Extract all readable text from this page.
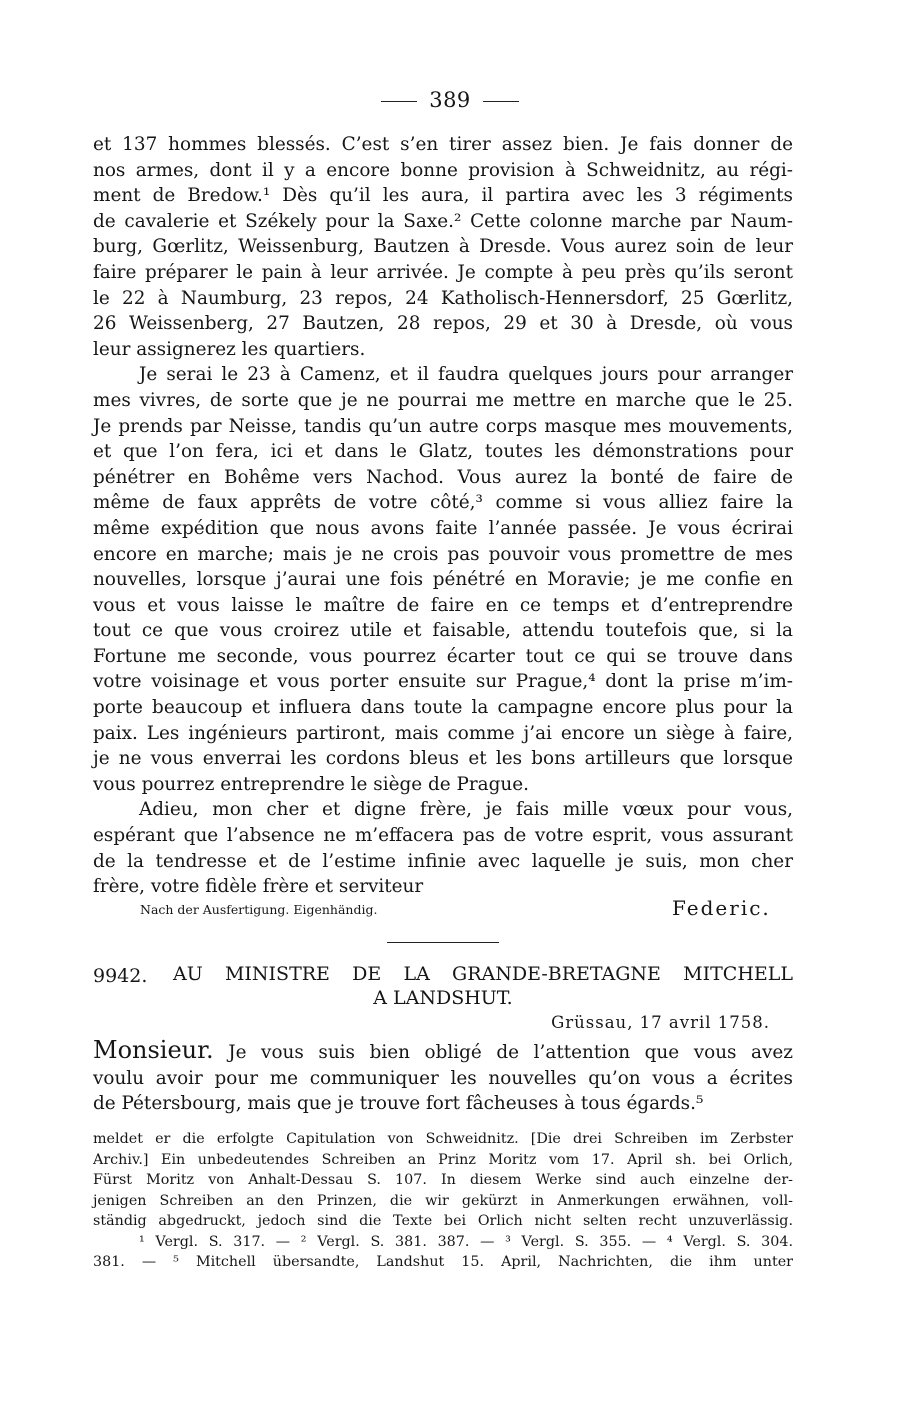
389

et 137 hommes blessés. C’est s’en tirer assez bien. Je fais donner de
nos armes, dont il y a encore bonne provision à Schweidnitz, au régi-
ment de Bredow.¹ Dès qu’il les aura, il partira avec les 3 régiments
de cavalerie et Székely pour la Saxe.² Cette colonne marche par Naum-
burg, Gœrlitz, Weissenburg, Bautzen à Dresde. Vous aurez soin de leur
faire préparer le pain à leur arrivée. Je compte à peu près qu’ils seront
le 22 à Naumburg, 23 repos, 24 Katholisch-Hennersdorf, 25 Gœrlitz,
26 Weissenberg, 27 Bautzen, 28 repos, 29 et 30 à Dresde, où vous
leur assignerez les quartiers.

Je serai le 23 à Camenz, et il faudra quelques jours pour arranger
mes vivres, de sorte que je ne pourrai me mettre en marche que le 25.
Je prends par Neisse, tandis qu’un autre corps masque mes mouvements,
et que l’on fera, ici et dans le Glatz, toutes les démonstrations pour
pénétrer en Bohême vers Nachod. Vous aurez la bonté de faire de
même de faux apprêts de votre côté,³ comme si vous alliez faire la
même expédition que nous avons faite l’année passée. Je vous écrirai
encore en marche; mais je ne crois pas pouvoir vous promettre de mes
nouvelles, lorsque j’aurai une fois pénétré en Moravie; je me confie en
vous et vous laisse le maître de faire en ce temps et d’entreprendre
tout ce que vous croirez utile et faisable, attendu toutefois que, si la
Fortune me seconde, vous pourrez écarter tout ce qui se trouve dans
votre voisinage et vous porter ensuite sur Prague,⁴ dont la prise m’im-
porte beaucoup et influera dans toute la campagne encore plus pour la
paix. Les ingénieurs partiront, mais comme j’ai encore un siège à faire,
je ne vous enverrai les cordons bleus et les bons artilleurs que lorsque
vous pourrez entreprendre le siège de Prague.

Adieu, mon cher et digne frère, je fais mille vœux pour vous,
espérant que l’absence ne m’effacera pas de votre esprit, vous assurant
de la tendresse et de l’estime infinie avec laquelle je suis, mon cher
frère, votre fidèle frère et serviteur

Nach der Ausfertigung. Eigenhändig.	Federic.
9942. AU MINISTRE DE LA GRANDE-BRETAGNE MITCHELL
A LANDSHUT.
Grüssau, 17 avril 1758.
Monsieur. Je vous suis bien obligé de l’attention que vous avez
voulu avoir pour me communiquer les nouvelles qu’on vous a écrites
de Pétersbourg, mais que je trouve fort fâcheuses à tous égards.⁵
meldet er die erfolgte Capitulation von Schweidnitz. [Die drei Schreiben im Zerbster
Archiv.] Ein unbedeutendes Schreiben an Prinz Moritz vom 17. April sh. bei Orlich,
Fürst Moritz von Anhalt-Dessau S. 107. In diesem Werke sind auch einzelne der-
jenigen Schreiben an den Prinzen, die wir gekürzt in Anmerkungen erwähnen, voll-
ständig abgedruckt, jedoch sind die Texte bei Orlich nicht selten recht unzuverlässig.
¹ Vergl. S. 317. — ² Vergl. S. 381. 387. — ³ Vergl. S. 355. — ⁴ Vergl. S. 304.
381. — ⁵ Mitchell übersandte, Landshut 15. April, Nachrichten, die ihm unter
